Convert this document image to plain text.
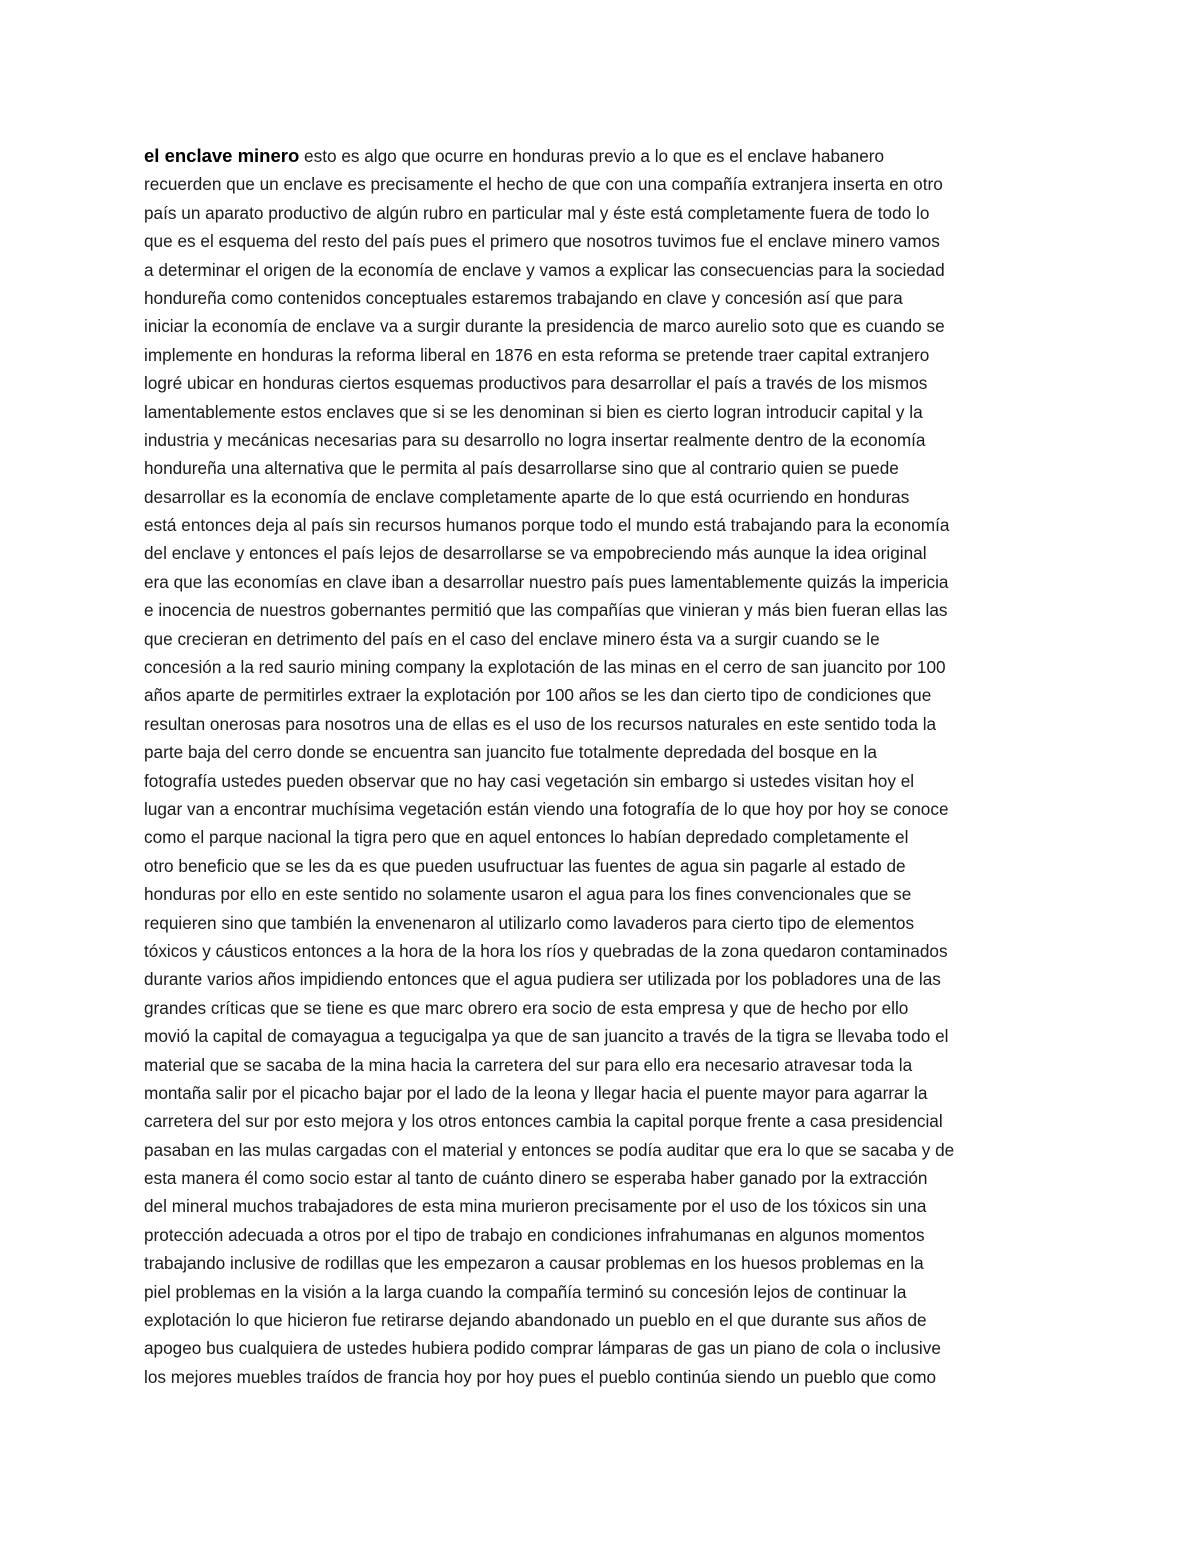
el enclave minero esto es algo que ocurre en honduras previo a lo que es el enclave habanero
recuerden que un enclave es precisamente el hecho de que con una compañía extranjera inserta en otro
país un aparato productivo de algún rubro en particular mal y éste está completamente fuera de todo lo
que es el esquema del resto del país pues el primero que nosotros tuvimos fue el enclave minero vamos
a determinar el origen de la economía de enclave y vamos a explicar las consecuencias para la sociedad
hondureña como contenidos conceptuales estaremos trabajando en clave y concesión así que para
iniciar la economía de enclave va a surgir durante la presidencia de marco aurelio soto que es cuando se
implemente en honduras la reforma liberal en 1876 en esta reforma se pretende traer capital extranjero
logré ubicar en honduras ciertos esquemas productivos para desarrollar el país a través de los mismos
lamentablemente estos enclaves que si se les denominan si bien es cierto logran introducir capital y la
industria y mecánicas necesarias para su desarrollo no logra insertar realmente dentro de la economía
hondureña una alternativa que le permita al país desarrollarse sino que al contrario quien se puede
desarrollar es la economía de enclave completamente aparte de lo que está ocurriendo en honduras
está entonces deja al país sin recursos humanos porque todo el mundo está trabajando para la economía
del enclave y entonces el país lejos de desarrollarse se va empobreciendo más aunque la idea original
era que las economías en clave iban a desarrollar nuestro país pues lamentablemente quizás la impericia
e inocencia de nuestros gobernantes permitió que las compañías que vinieran y más bien fueran ellas las
que crecieran en detrimento del país en el caso del enclave minero ésta va a surgir cuando se le
concesión a la red saurio mining company la explotación de las minas en el cerro de san juancito por 100
años aparte de permitirles extraer la explotación por 100 años se les dan cierto tipo de condiciones que
resultan onerosas para nosotros una de ellas es el uso de los recursos naturales en este sentido toda la
parte baja del cerro donde se encuentra san juancito fue totalmente depredada del bosque en la
fotografía ustedes pueden observar que no hay casi vegetación sin embargo si ustedes visitan hoy el
lugar van a encontrar muchísima vegetación están viendo una fotografía de lo que hoy por hoy se conoce
como el parque nacional la tigra pero que en aquel entonces lo habían depredado completamente el
otro beneficio que se les da es que pueden usufructuar las fuentes de agua sin pagarle al estado de
honduras por ello en este sentido no solamente usaron el agua para los fines convencionales que se
requieren sino que también la envenenaron al utilizarlo como lavaderos para cierto tipo de elementos
tóxicos y cáusticos entonces a la hora de la hora los ríos y quebradas de la zona quedaron contaminados
durante varios años impidiendo entonces que el agua pudiera ser utilizada por los pobladores una de las
grandes críticas que se tiene es que marc obrero era socio de esta empresa y que de hecho por ello
movió la capital de comayagua a tegucigalpa ya que de san juancito a través de la tigra se llevaba todo el
material que se sacaba de la mina hacia la carretera del sur para ello era necesario atravesar toda la
montaña salir por el picacho bajar por el lado de la leona y llegar hacia el puente mayor para agarrar la
carretera del sur por esto mejora y los otros entonces cambia la capital porque frente a casa presidencial
pasaban en las mulas cargadas con el material y entonces se podía auditar que era lo que se sacaba y de
esta manera él como socio estar al tanto de cuánto dinero se esperaba haber ganado por la extracción
del mineral muchos trabajadores de esta mina murieron precisamente por el uso de los tóxicos sin una
protección adecuada a otros por el tipo de trabajo en condiciones infrahumanas en algunos momentos
trabajando inclusive de rodillas que les empezaron a causar problemas en los huesos problemas en la
piel problemas en la visión a la larga cuando la compañía terminó su concesión lejos de continuar la
explotación lo que hicieron fue retirarse dejando abandonado un pueblo en el que durante sus años de
apogeo bus cualquiera de ustedes hubiera podido comprar lámparas de gas un piano de cola o inclusive
los mejores muebles traídos de francia hoy por hoy pues el pueblo continúa siendo un pueblo que como
